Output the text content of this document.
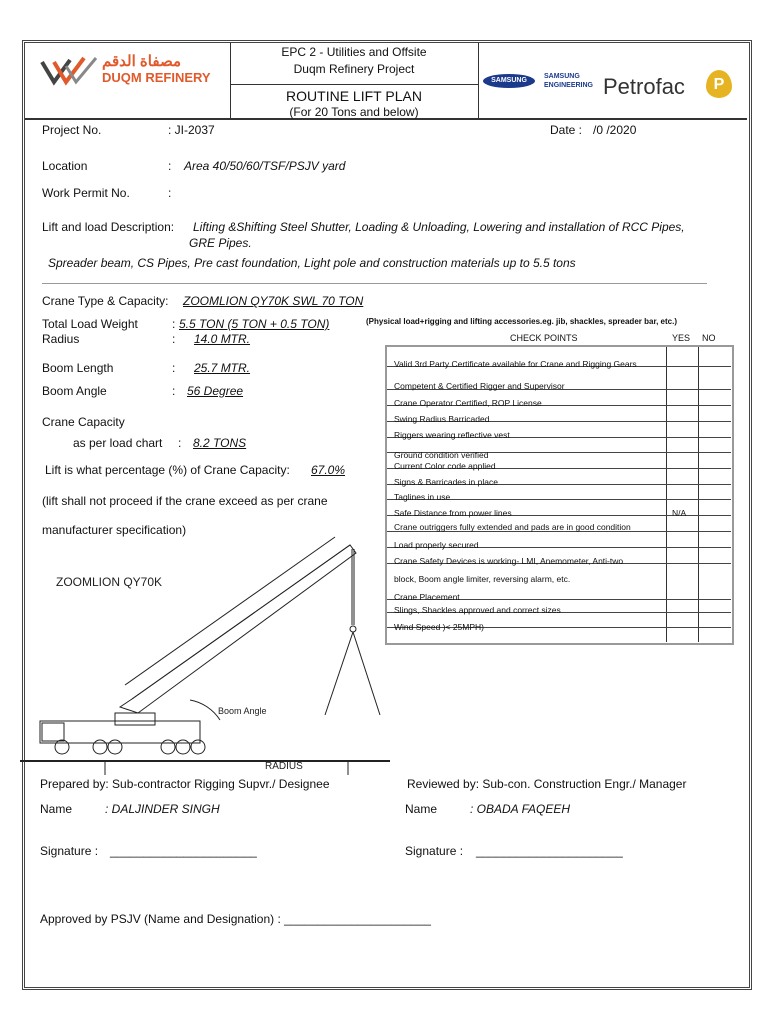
مصفاة الدقم
DUQM REFINERY
EPC 2 - Utilities and Offsite
Duqm Refinery Project
ROUTINE LIFT PLAN
(For 20 Tons and below)
SAMSUNG
SAMSUNG ENGINEERING Petrofac	P
Project No.	: JI-2037	Date : /0 /2020
Location	: Area 40/50/60/TSF/PSJV yard
Work Permit No.	:
Lift and load Description: Lifting &Shifting Steel Shutter, Loading & Unloading, Lowering and installation of RCC Pipes,
GRE Pipes.
Spreader beam, CS Pipes, Pre cast foundation, Light pole and construction materials up to 5.5 tons
Crane Type & Capacity: ZOOMLION QY70K SWL 70 TON
Total Load Weight	: 5.5 TON (5 TON + 0.5 TON)
Radius	: 14.0 MTR.
Boom Length	: 25.7 MTR.
Boom Angle	: 56 Degree
Crane Capacity
as per load chart : 8.2 TONS
Lift is what percentage (%) of Crane Capacity: 67.0%
(lift shall not proceed if the crane exceed as per crane
manufacturer specification)
ZOOMLION QY70K
Boom Angle
RADIUS
(Physical load+rigging and lifting accessories.eg. jib, shackles, spreader bar, etc.)
CHECK POINTS	YES NO
Valid 3rd Party Certificate available for Crane and Rigging Gears
Competent & Certified Rigger and Supervisor
Crane Operator Certified, ROP License
Swing Radius Barricaded
Riggers wearing reflective vest
Ground condition verified
Current Color code applied
Signs & Barricades in place
Taglines in use
Safe Distance from power lines	N/A
Crane outriggers fully extended and pads are in good condition
Load properly secured
Crane Safety Devices is working- LMI, Anemometer, Anti-two
block, Boom angle limiter, reversing alarm, etc.
Crane Placement
Slings, Shackles approved and correct sizes
Wind Speed )< 25MPH)
Prepared by: Sub-contractor Rigging Supvr./ Designee	Reviewed by: Sub-con. Construction Engr./ Manager
Name	: DALJINDER SINGH	Name	: OBADA FAQEEH
Signature : ______________________	Signature : ______________________
Approved by PSJV (Name and Designation) : ______________________
